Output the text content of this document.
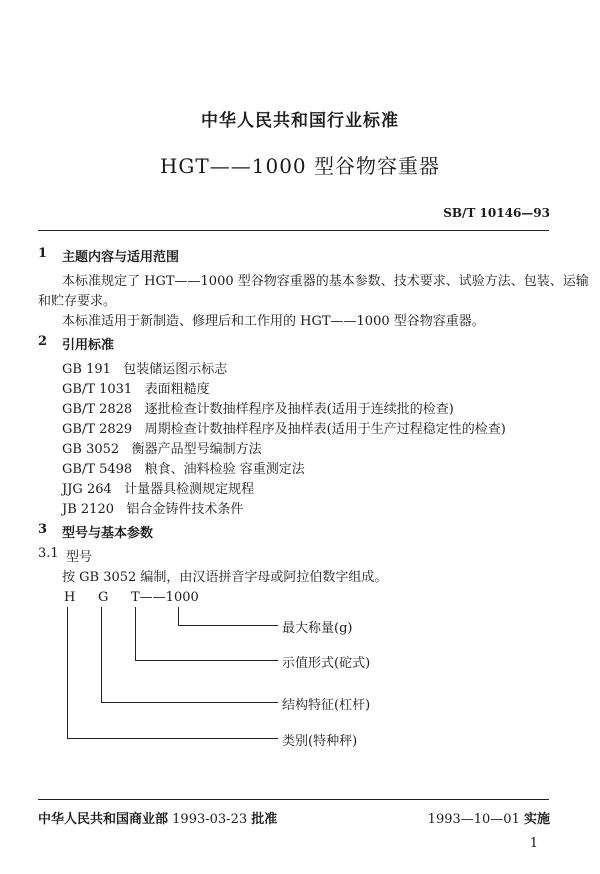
中华人民共和国行业标准
HGT——1000 型谷物容重器
SB/T 10146—93
1 主题内容与适用范围
本标准规定了 HGT——1000 型谷物容重器的基本参数、技术要求、试验方法、包装、运输
和贮存要求。
本标准适用于新制造、修理后和工作用的 HGT——1000 型谷物容重器。
2 引用标准
GB 191 包装储运图示标志
GB/T 1031 表面粗糙度
GB/T 2828 逐批检查计数抽样程序及抽样表(适用于连续批的检查)
GB/T 2829 周期检查计数抽样程序及抽样表(适用于生产过程稳定性的检查)
GB 3052 衡器产品型号编制方法
GB/T 5498 粮食、油料检验 容重测定法
JJG 264 计量器具检测规定规程
JB 2120 铝合金铸件技术条件
3 型号与基本参数
3.1 型号
按 GB 3052 编制，由汉语拼音字母或阿拉伯数字组成。
H G T——1000
最大称量(g)
示值形式(砣式)
结构特征(杠杆)
类别(特种秤)
中华人民共和国商业部 1993-03-23 批准	1993—10—01 实施
1
